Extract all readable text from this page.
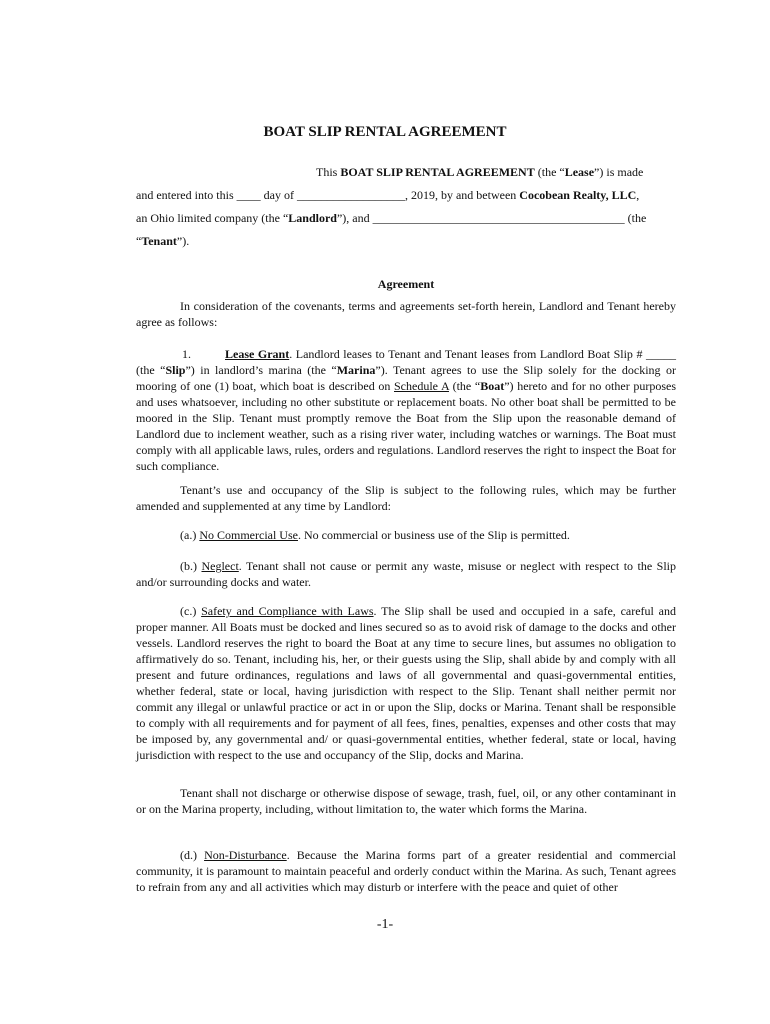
BOAT SLIP RENTAL AGREEMENT
This BOAT SLIP RENTAL AGREEMENT (the “Lease”) is made
and entered into this ____ day of __________________, 2019, by and between Cocobean Realty, LLC,
an Ohio limited company (the “Landlord”), and __________________________________________ (the
“Tenant”).
Agreement
In consideration of the covenants, terms and agreements set-forth herein, Landlord and Tenant hereby agree as follows:
1.	Lease Grant. Landlord leases to Tenant and Tenant leases from Landlord Boat Slip # _____ (the “Slip”) in landlord’s marina (the “Marina”). Tenant agrees to use the Slip solely for the docking or mooring of one (1) boat, which boat is described on Schedule A (the “Boat”) hereto and for no other purposes and uses whatsoever, including no other substitute or replacement boats. No other boat shall be permitted to be moored in the Slip. Tenant must promptly remove the Boat from the Slip upon the reasonable demand of Landlord due to inclement weather, such as a rising river water, including watches or warnings. The Boat must comply with all applicable laws, rules, orders and regulations. Landlord reserves the right to inspect the Boat for such compliance.
Tenant’s use and occupancy of the Slip is subject to the following rules, which may be further amended and supplemented at any time by Landlord:
(a.) No Commercial Use. No commercial or business use of the Slip is permitted.
(b.) Neglect. Tenant shall not cause or permit any waste, misuse or neglect with respect to the Slip and/or surrounding docks and water.
(c.) Safety and Compliance with Laws. The Slip shall be used and occupied in a safe, careful and proper manner. All Boats must be docked and lines secured so as to avoid risk of damage to the docks and other vessels. Landlord reserves the right to board the Boat at any time to secure lines, but assumes no obligation to affirmatively do so. Tenant, including his, her, or their guests using the Slip, shall abide by and comply with all present and future ordinances, regulations and laws of all governmental and quasi-governmental entities, whether federal, state or local, having jurisdiction with respect to the Slip. Tenant shall neither permit nor commit any illegal or unlawful practice or act in or upon the Slip, docks or Marina. Tenant shall be responsible to comply with all requirements and for payment of all fees, fines, penalties, expenses and other costs that may be imposed by, any governmental and/ or quasi-governmental entities, whether federal, state or local, having jurisdiction with respect to the use and occupancy of the Slip, docks and Marina.
Tenant shall not discharge or otherwise dispose of sewage, trash, fuel, oil, or any other contaminant in or on the Marina property, including, without limitation to, the water which forms the Marina.
(d.) Non-Disturbance. Because the Marina forms part of a greater residential and commercial community, it is paramount to maintain peaceful and orderly conduct within the Marina. As such, Tenant agrees to refrain from any and all activities which may disturb or interfere with the peace and quiet of other
-1-
